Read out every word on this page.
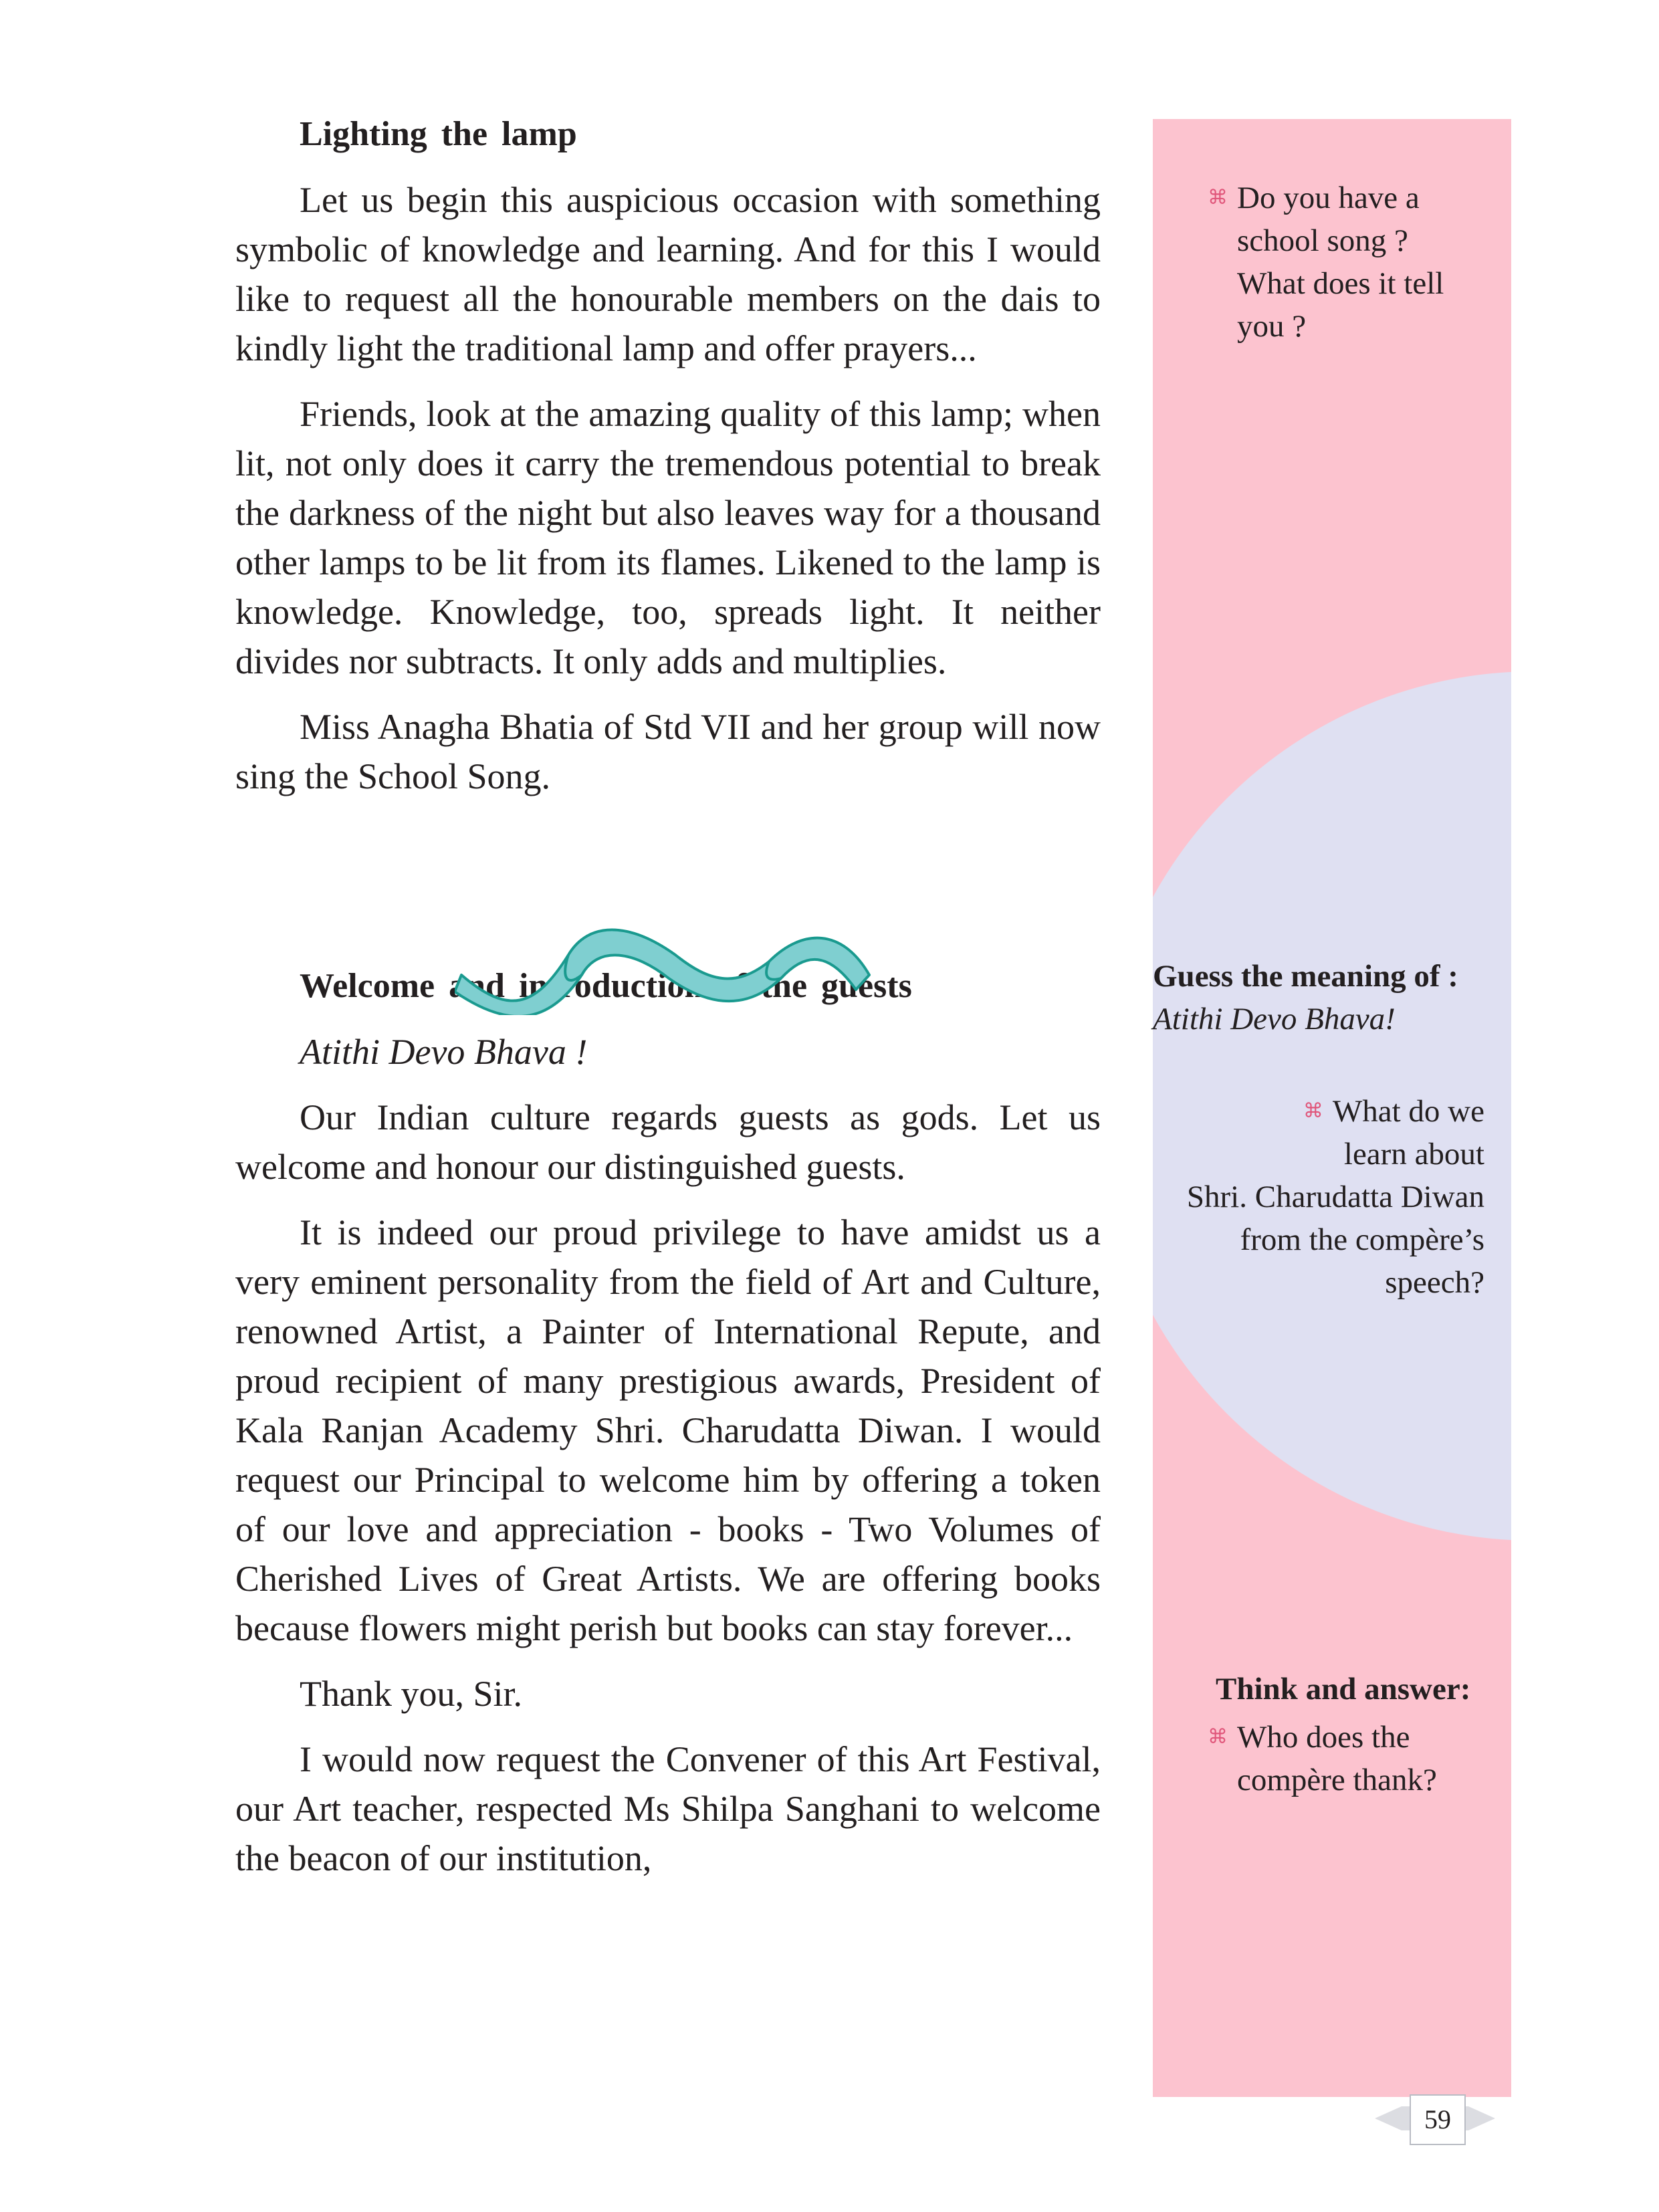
Lighting the lamp

Let us begin this auspicious occasion with something symbolic of knowledge and learning. And for this I would like to request all the honourable members on the dais to kindly light the traditional lamp and offer prayers...

Friends, look at the amazing quality of this lamp; when lit, not only does it carry the tremendous potential to break the darkness of the night but also leaves way for a thousand other lamps to be lit from its flames. Likened to the lamp is knowledge. Knowledge, too, spreads light. It neither divides nor subtracts. It only adds and multiplies.

Miss Anagha Bhatia of Std VII and her group will now sing the School Song.

Welcome and introduction of the guests

Atithi Devo Bhava !

Our Indian culture regards guests as gods. Let us welcome and honour our distinguished guests.

It is indeed our proud privilege to have amidst us a very eminent personality from the field of Art and Culture, renowned Artist, a Painter of International Repute, and proud recipient of many prestigious awards, President of Kala Ranjan Academy Shri. Charudatta Diwan. I would request our Principal to welcome him by offering a token of our love and appreciation - books - Two Volumes of Cherished Lives of Great Artists. We are offering books because flowers might perish but books can stay forever...

Thank you, Sir.

I would now request the Convener of this Art Festival, our Art teacher, respected Ms Shilpa Sanghani to welcome the beacon of our institution,

⌘ Do you have a school song ? What does it tell you ?
Guess the meaning of :
Atithi Devo Bhava!
⌘ What do we
learn about
Shri. Charudatta Diwan
from the compère’s
speech?
Think and answer:
⌘ Who does the compère thank?
59
